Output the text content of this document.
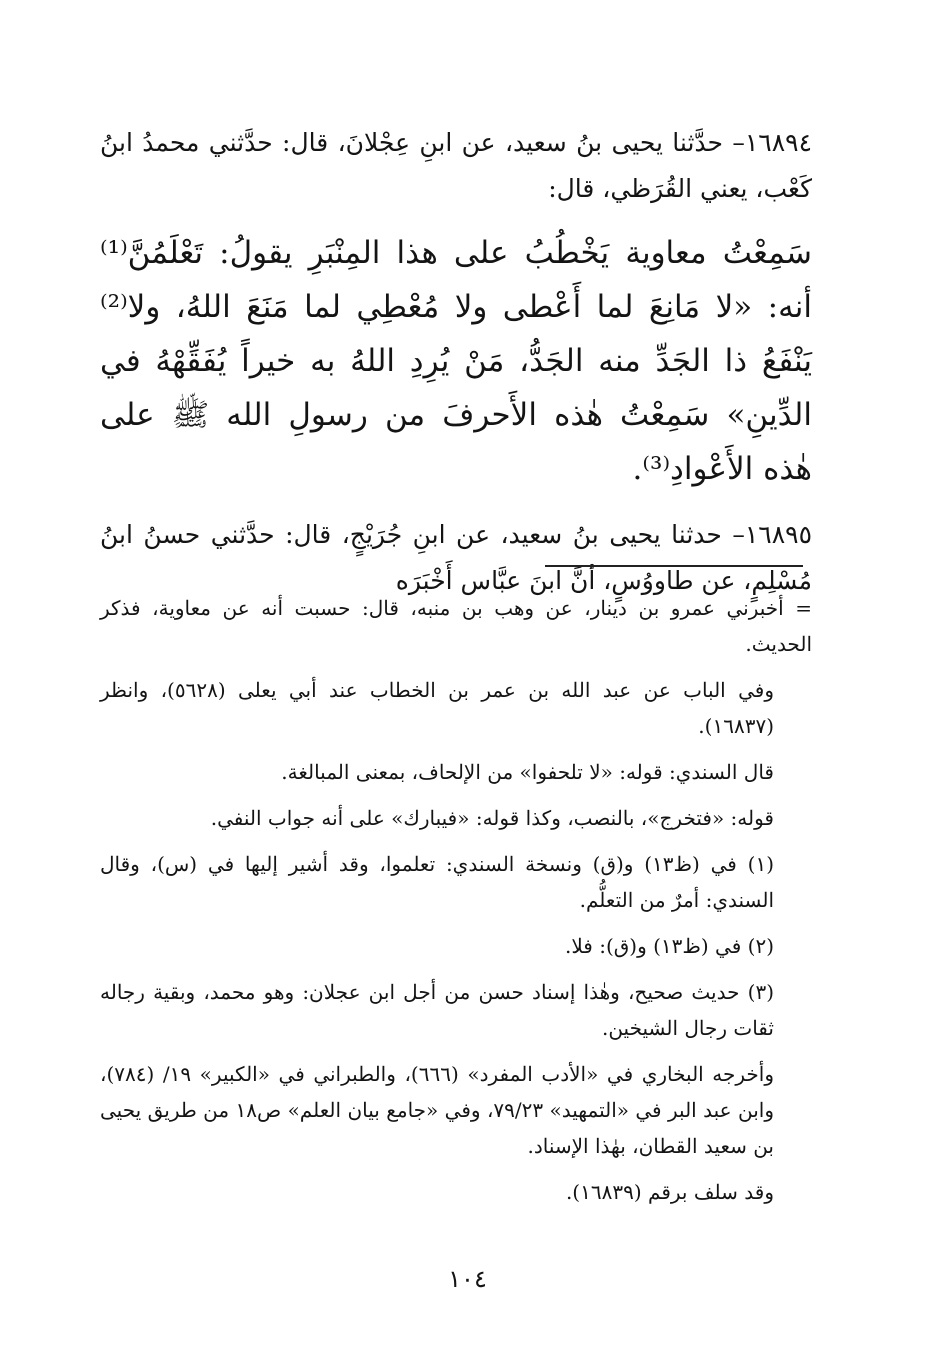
١٦٨٩٤– حدَّثنا يحيى بنُ سعيد، عن ابنِ عِجْلانَ، قال: حدَّثني محمدُ ابنُ كَعْب، يعني القُرَظي، قال:

سَمِعْتُ معاوية يَخْطُبُ على هذا المِنْبَرِ يقولُ: تَعْلَمُنَّ⁽¹⁾ أنه: «لا مَانِعَ لما أَعْطى ولا مُعْطِي لما مَنَعَ اللهُ، ولا⁽²⁾ يَنْفَعُ ذا الجَدِّ منه الجَدُّ، مَنْ يُرِدِ اللهُ به خيراً يُفَقِّهْهُ في الدِّينِ» سَمِعْتُ هٰذه الأَحرفَ من رسولِ الله ﷺ على هٰذه الأَعْوادِ⁽³⁾.

١٦٨٩٥– حدثنا يحيى بنُ سعيد، عن ابنِ جُرَيْجٍ، قال: حدَّثني حسنُ ابنُ مُسْلِمٍ، عن طاووُسٍ، أنَّ ابنَ عبَّاس أَخْبَرَه

= أخبرني عمرو بن دينار، عن وهب بن منبه، قال: حسبت أنه عن معاوية، فذكر الحديث.

وفي الباب عن عبد الله بن عمر بن الخطاب عند أبي يعلى (٥٦٢٨)، وانظر (١٦٨٣٧).

قال السندي: قوله: «لا تلحفوا» من الإلحاف، بمعنى المبالغة.

قوله: «فتخرج»، بالنصب، وكذا قوله: «فيبارك» على أنه جواب النفي.

(١) في (ظ١٣) و(ق) ونسخة السندي: تعلموا، وقد أشير إليها في (س)، وقال السندي: أمرٌ من التعلُّم.

(٢) في (ظ١٣) و(ق): فلا.

(٣) حديث صحيح، وهٰذا إسناد حسن من أجل ابن عجلان: وهو محمد، وبقية رجاله ثقات رجال الشيخين.

وأخرجه البخاري في «الأدب المفرد» (٦٦٦)، والطبراني في «الكبير» ١٩/ (٧٨٤)، وابن عبد البر في «التمهيد» ٧٩/٢٣، وفي «جامع بيان العلم» ص١٨ من طريق يحيى بن سعيد القطان، بهٰذا الإسناد.

وقد سلف برقم (١٦٨٣٩).

١٠٤
